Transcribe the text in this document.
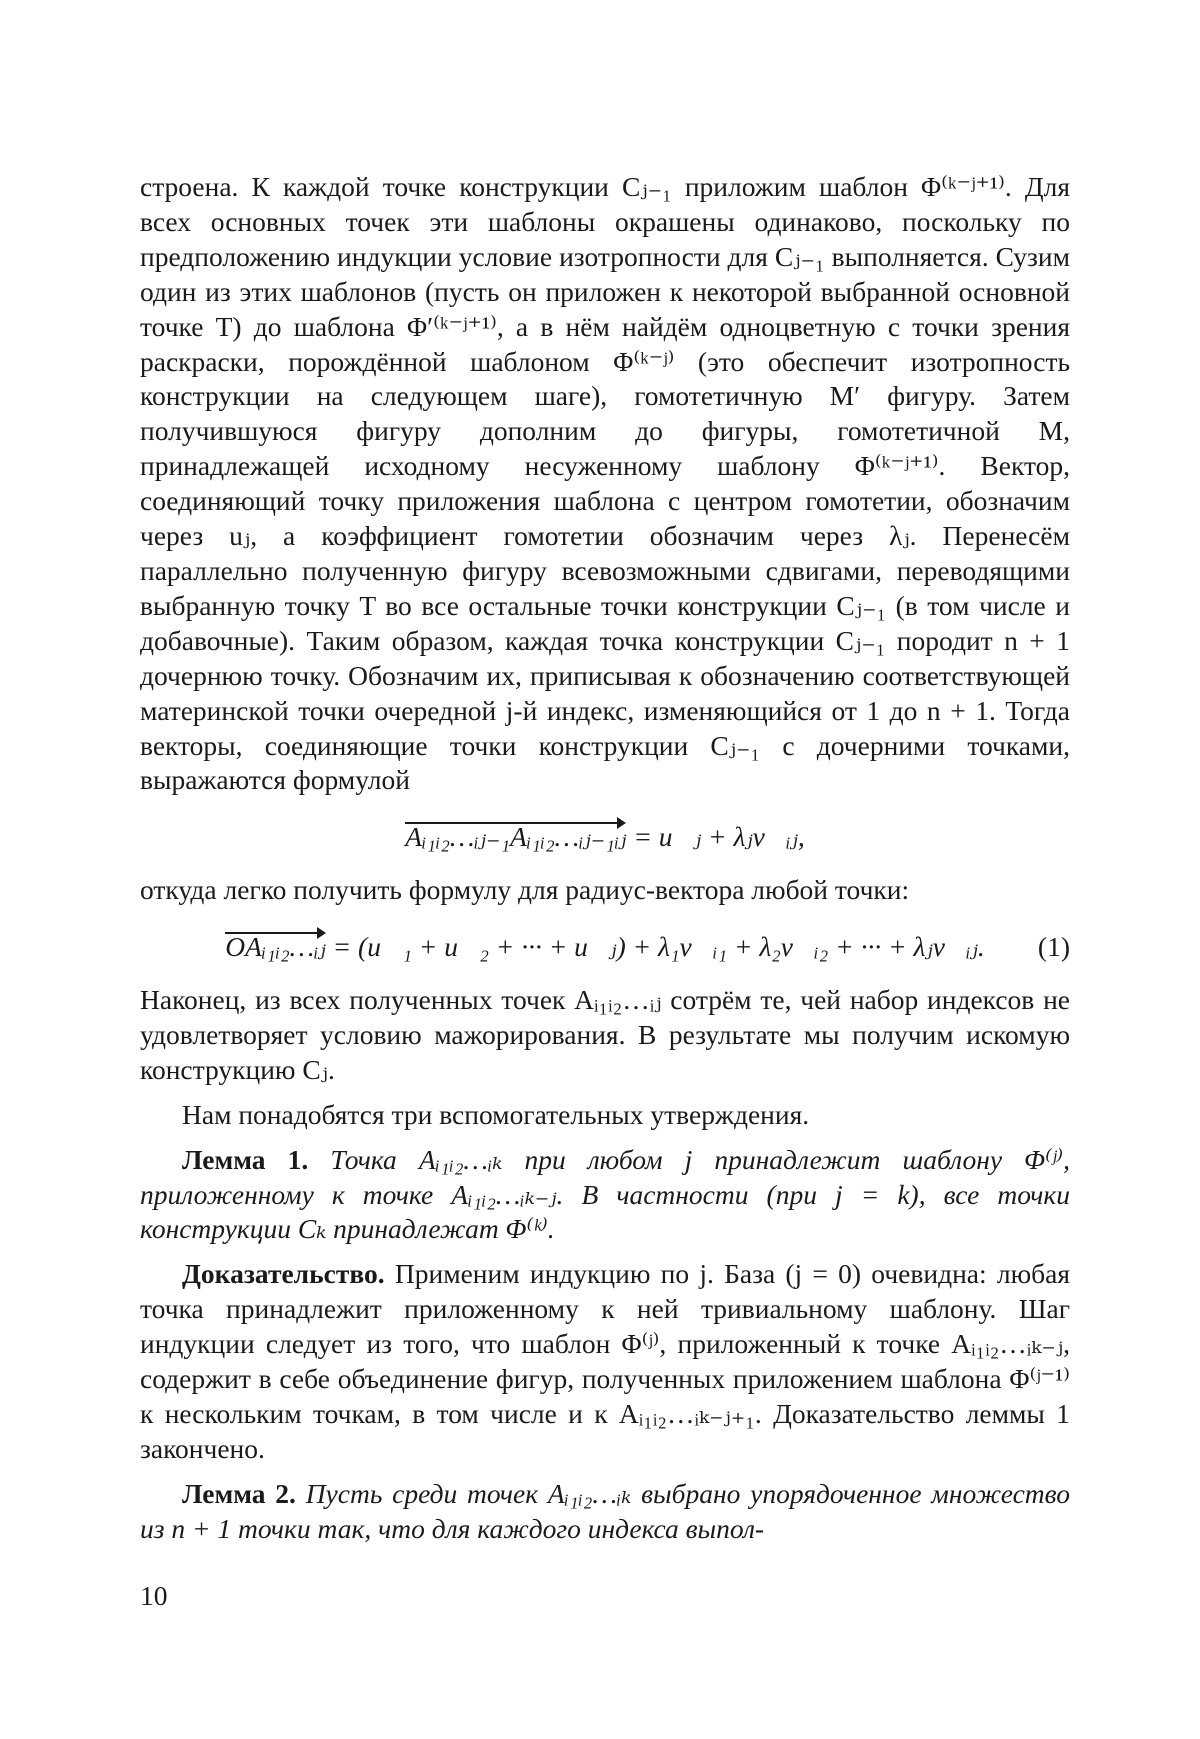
строена. К каждой точке конструкции Cⱼ₋₁ приложим шаблон Φ⁽ᵏ⁻ʲ⁺¹⁾. Для всех основных точек эти шаблоны окрашены одинаково, поскольку по предположению индукции условие изотропности для Cⱼ₋₁ выполняется. Сузим один из этих шаблонов (пусть он приложен к некоторой выбранной основной точке T) до шаблона Φ′⁽ᵏ⁻ʲ⁺¹⁾, а в нём найдём одноцветную с точки зрения раскраски, порождённой шаблоном Φ⁽ᵏ⁻ʲ⁾ (это обеспечит изотропность конструкции на следующем шаге), гомотетичную M′ фигуру. Затем получившуюся фигуру дополним до фигуры, гомотетичной M, принадлежащей исходному несуженному шаблону Φ⁽ᵏ⁻ʲ⁺¹⁾. Вектор, соединяющий точку приложения шаблона с центром гомотетии, обозначим через uⱼ, а коэффициент гомотетии обозначим через λⱼ. Перенесём параллельно полученную фигуру всевозможными сдвигами, переводящими выбранную точку T во все остальные точки конструкции Cⱼ₋₁ (в том числе и добавочные). Таким образом, каждая точка конструкции Cⱼ₋₁ породит n + 1 дочернюю точку. Обозначим их, приписывая к обозначению соответствующей материнской точки очередной j-й индекс, изменяющийся от 1 до n + 1. Тогда векторы, соединяющие точки конструкции Cⱼ₋₁ с дочерними точками, выражаются формулой

Aᵢ₁ᵢ₂…ᵢⱼ₋₁Aᵢ₁ᵢ₂…ᵢⱼ₋₁ᵢⱼ = u⃗ⱼ + λⱼv⃗ᵢⱼ,

откуда легко получить формулу для радиус-вектора любой точки:

OAᵢ₁ᵢ₂…ᵢⱼ = (u⃗₁ + u⃗₂ + ··· + u⃗ⱼ) + λ₁v⃗ᵢ₁ + λ₂v⃗ᵢ₂ + ··· + λⱼv⃗ᵢⱼ. (1)

Наконец, из всех полученных точек Aᵢ₁ᵢ₂…ᵢⱼ сотрём те, чей набор индексов не удовлетворяет условию мажорирования. В результате мы получим искомую конструкцию Cⱼ.

Нам понадобятся три вспомогательных утверждения.

Лемма 1. Точка Aᵢ₁ᵢ₂…ᵢₖ при любом j принадлежит шаблону Φ⁽ʲ⁾, приложенному к точке Aᵢ₁ᵢ₂…ᵢₖ₋ⱼ. В частности (при j = k), все точки конструкции Cₖ принадлежат Φ⁽ᵏ⁾.

Доказательство. Применим индукцию по j. База (j = 0) очевидна: любая точка принадлежит приложенному к ней тривиальному шаблону. Шаг индукции следует из того, что шаблон Φ⁽ʲ⁾, приложенный к точке Aᵢ₁ᵢ₂…ᵢₖ₋ⱼ, содержит в себе объединение фигур, полученных приложением шаблона Φ⁽ʲ⁻¹⁾ к нескольким точкам, в том числе и к Aᵢ₁ᵢ₂…ᵢₖ₋ⱼ₊₁. Доказательство леммы 1 закончено.

Лемма 2. Пусть среди точек Aᵢ₁ᵢ₂…ᵢₖ выбрано упорядоченное множество из n + 1 точки так, что для каждого индекса выпол-

10
